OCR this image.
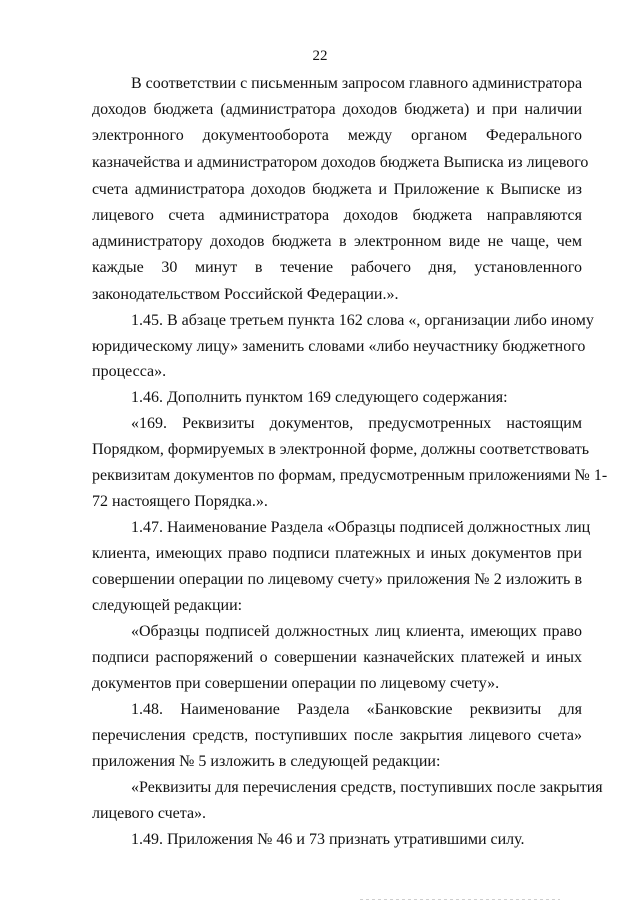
22
В соответствии с письменным запросом главного администратора
доходов бюджета (администратора доходов бюджета) и при наличии
электронного документооборота между органом Федерального
казначейства и администратором доходов бюджета Выписка из лицевого
счета администратора доходов бюджета и Приложение к Выписке из
лицевого счета администратора доходов бюджета направляются
администратору доходов бюджета в электронном виде не чаще, чем
каждые 30 минут в течение рабочего дня, установленного
законодательством Российской Федерации.».
1.45. В абзаце третьем пункта 162 слова «, организации либо иному
юридическому лицу» заменить словами «либо неучастнику бюджетного
процесса».
1.46. Дополнить пунктом 169 следующего содержания:
«169. Реквизиты документов, предусмотренных настоящим
Порядком, формируемых в электронной форме, должны соответствовать
реквизитам документов по формам, предусмотренным приложениями № 1-
72 настоящего Порядка.».
1.47. Наименование Раздела «Образцы подписей должностных лиц
клиента, имеющих право подписи платежных и иных документов при
совершении операции по лицевому счету» приложения № 2 изложить в
следующей редакции:
«Образцы подписей должностных лиц клиента, имеющих право
подписи распоряжений о совершении казначейских платежей и иных
документов при совершении операции по лицевому счету».
1.48. Наименование Раздела «Банковские реквизиты для
перечисления средств, поступивших после закрытия лицевого счета»
приложения № 5 изложить в следующей редакции:
«Реквизиты для перечисления средств, поступивших после закрытия
лицевого счета».
1.49. Приложения № 46 и 73 признать утратившими силу.
